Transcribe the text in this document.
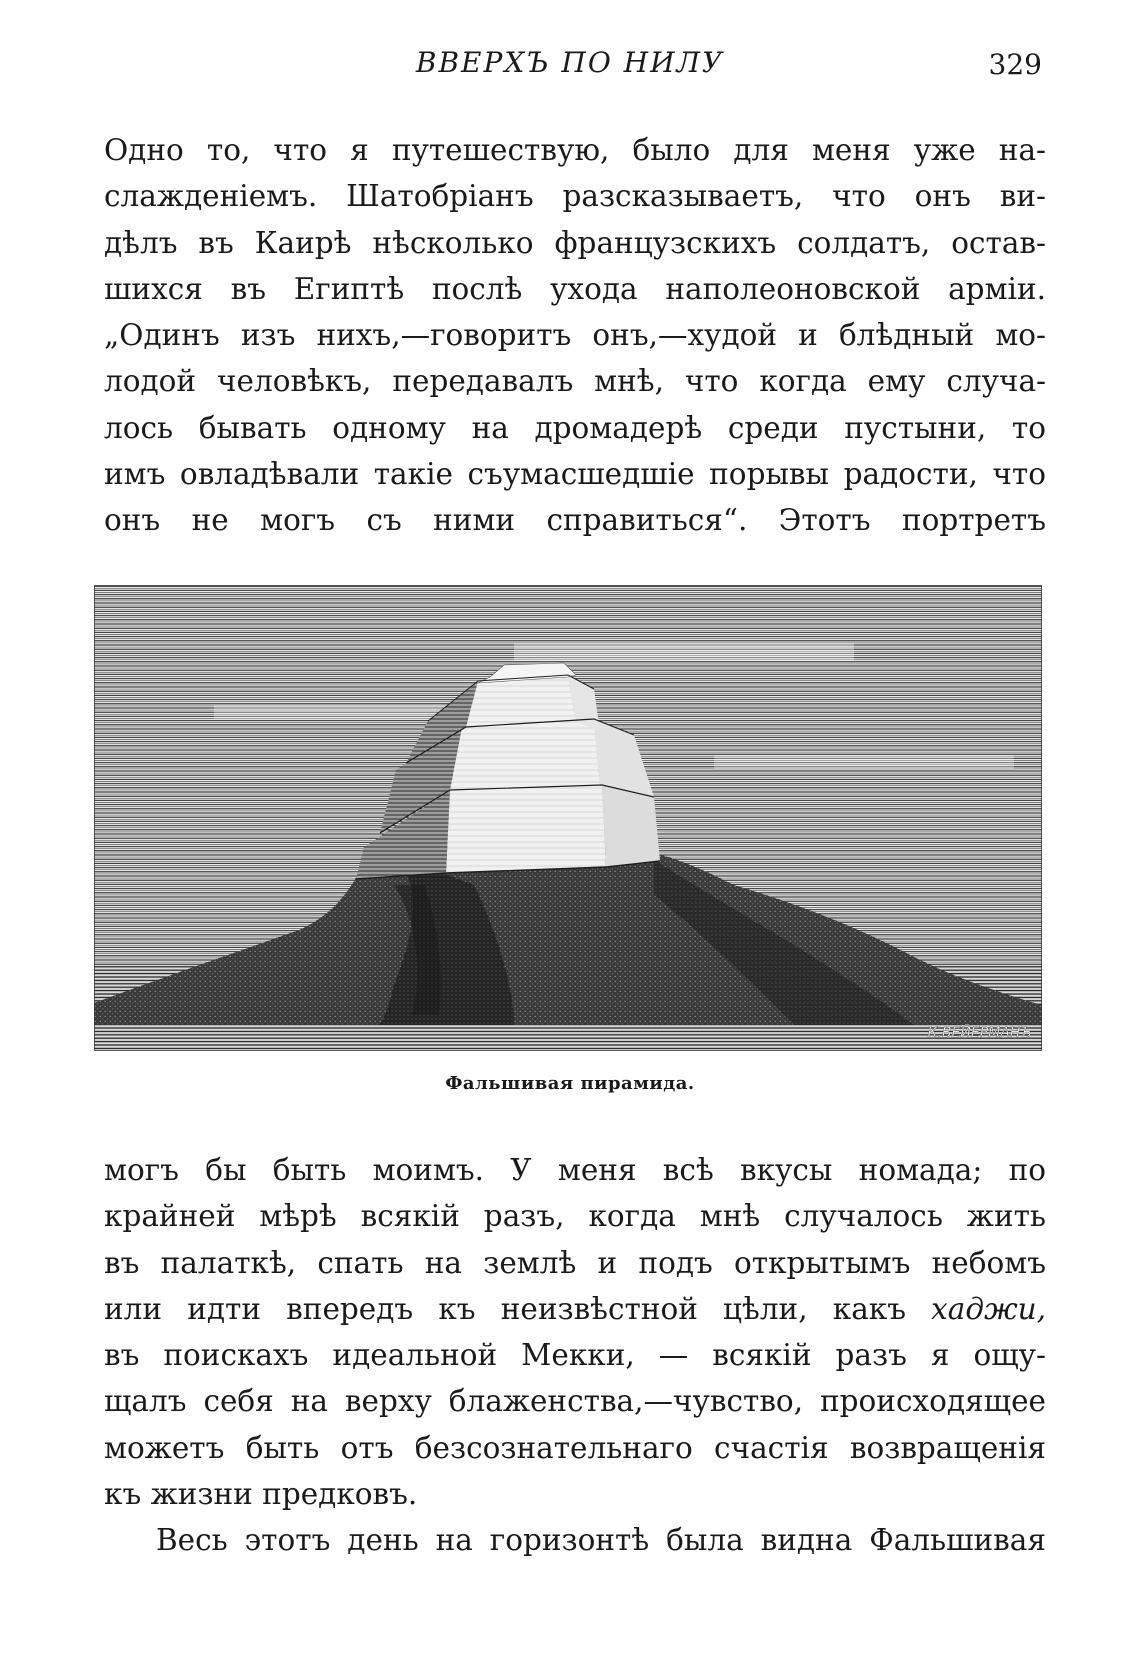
ВВЕРХЪ ПО НИЛУ	329
Одно то, что я путешествую, было для меня уже на-
слажденiемъ. Шатобрiанъ разсказываетъ, что онъ ви-
дѣлъ въ Каирѣ нѣсколько французскихъ солдатъ, остав-
шихся въ Египтѣ послѣ ухода наполеоновской армiи.
„Одинъ изъ нихъ,—говоритъ онъ,—худой и блѣдный мо-
лодой человѣкъ, передавалъ мнѣ, что когда ему случа-
лось бывать одному на дромадерѣ среди пустыни, то
имъ овладѣвали такiе съумасшедшiе порывы радости, что
онъ не могъ съ ними справиться“. Этотъ портретъ
К.ВЕЙЕРМАНЪ
Фальшивая пирамида.
могъ бы быть моимъ. У меня всѣ вкусы номада; по
крайней мѣрѣ всякiй разъ, когда мнѣ случалось жить
въ палаткѣ, спать на землѣ и подъ открытымъ небомъ
или идти впередъ къ неизвѣстной цѣли, какъ хаджи,
въ поискахъ идеальной Мекки, — всякiй разъ я ощу-
щалъ себя на верху блаженства,—чувство, происходящее
можетъ быть отъ безсознательнаго счастiя возвращенiя
къ жизни предковъ.
Весь этотъ день на горизонтѣ была видна Фальшивая
